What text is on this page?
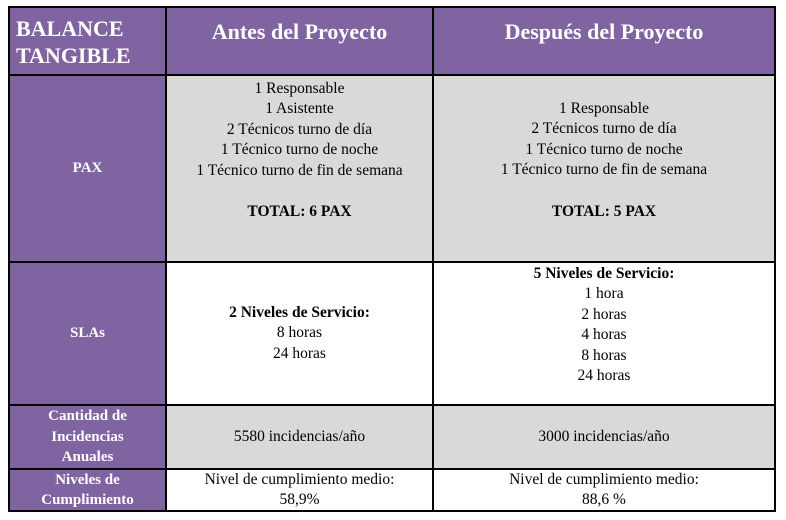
BALANCE
TANGIBLE
Antes del Proyecto	Después del Proyecto
PAX
1 Responsable
1 Asistente
2 Técnicos turno de día
1 Técnico turno de noche
1 Técnico turno de fin de semana
TOTAL: 6 PAX
1 Responsable
2 Técnicos turno de día
1 Técnico turno de noche
1 Técnico turno de fin de semana
TOTAL: 5 PAX
SLAs
2 Niveles de Servicio:
8 horas
24 horas
5 Niveles de Servicio:
1 hora
2 horas
4 horas
8 horas
24 horas
Cantidad de
Incidencias
Anuales
5580 incidencias/año	3000 incidencias/año
Niveles de
Cumplimiento
Nivel de cumplimiento medio:
58,9%
Nivel de cumplimiento medio:
88,6 %
